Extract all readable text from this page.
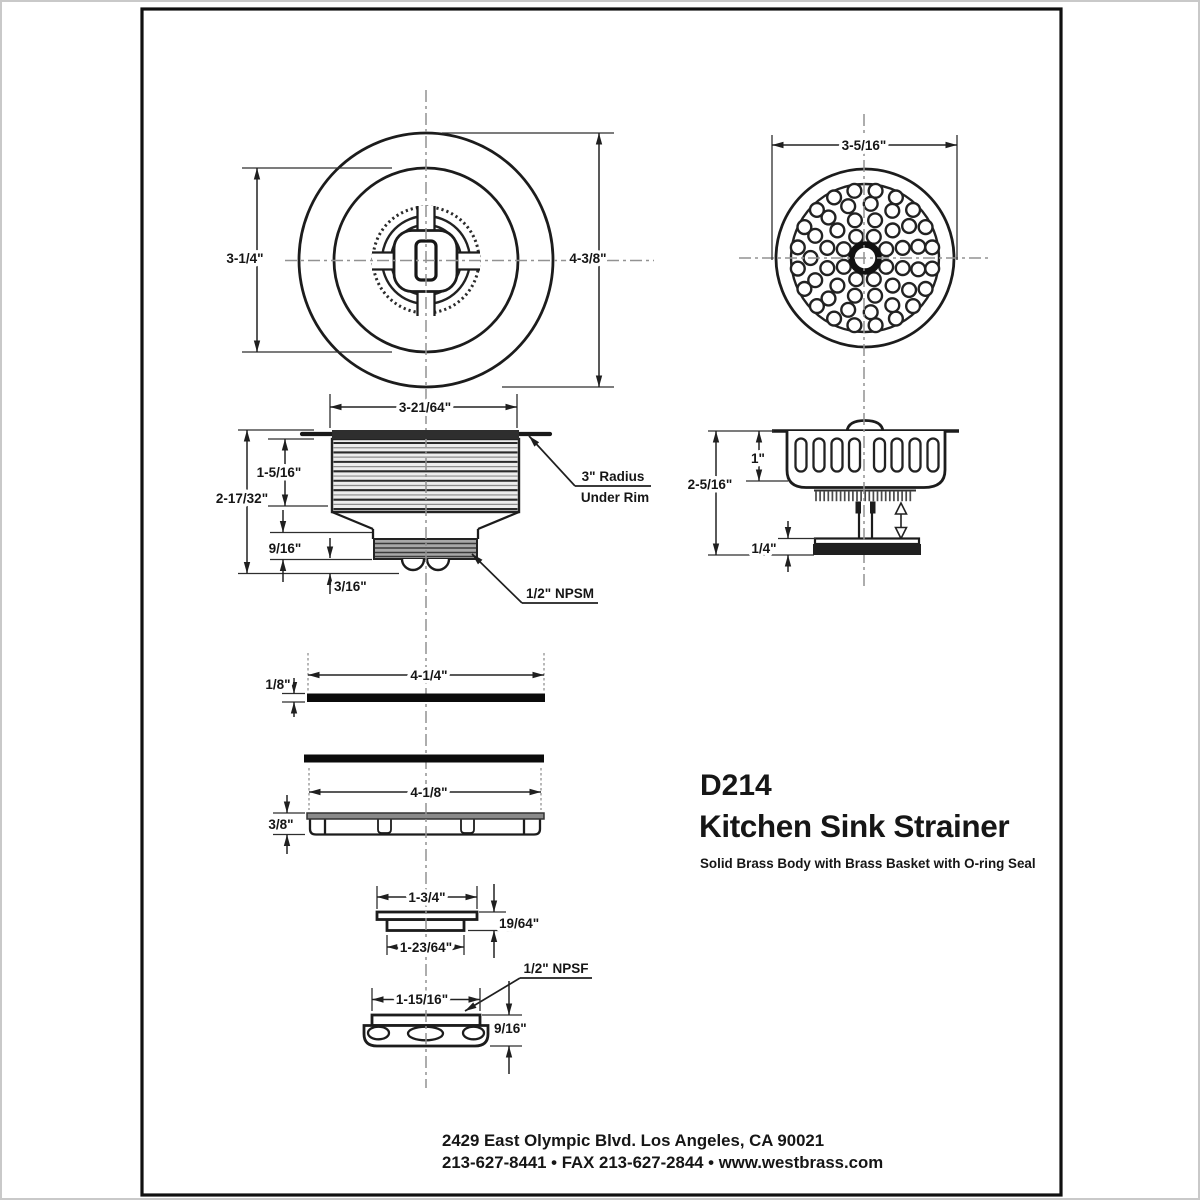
3-1/4"	4-3/8"
3-5/16"
3-21/64"
1-5/16"
2-17/32"
9/16"
3/16"
3" Radius
Under Rim
1/2" NPSM
1"
2-5/16"
1/4"
4-1/4"
1/8"
4-1/8"
3/8"
1-3/4"
19/64"
1-23/64"
1/2" NPSF
1-15/16"
9/16"
D214
Kitchen Sink Strainer
Solid Brass Body with Brass Basket with O-ring Seal
2429 East Olympic Blvd. Los Angeles, CA 90021
213-627-8441 • FAX 213-627-2844 • www.westbrass.com
